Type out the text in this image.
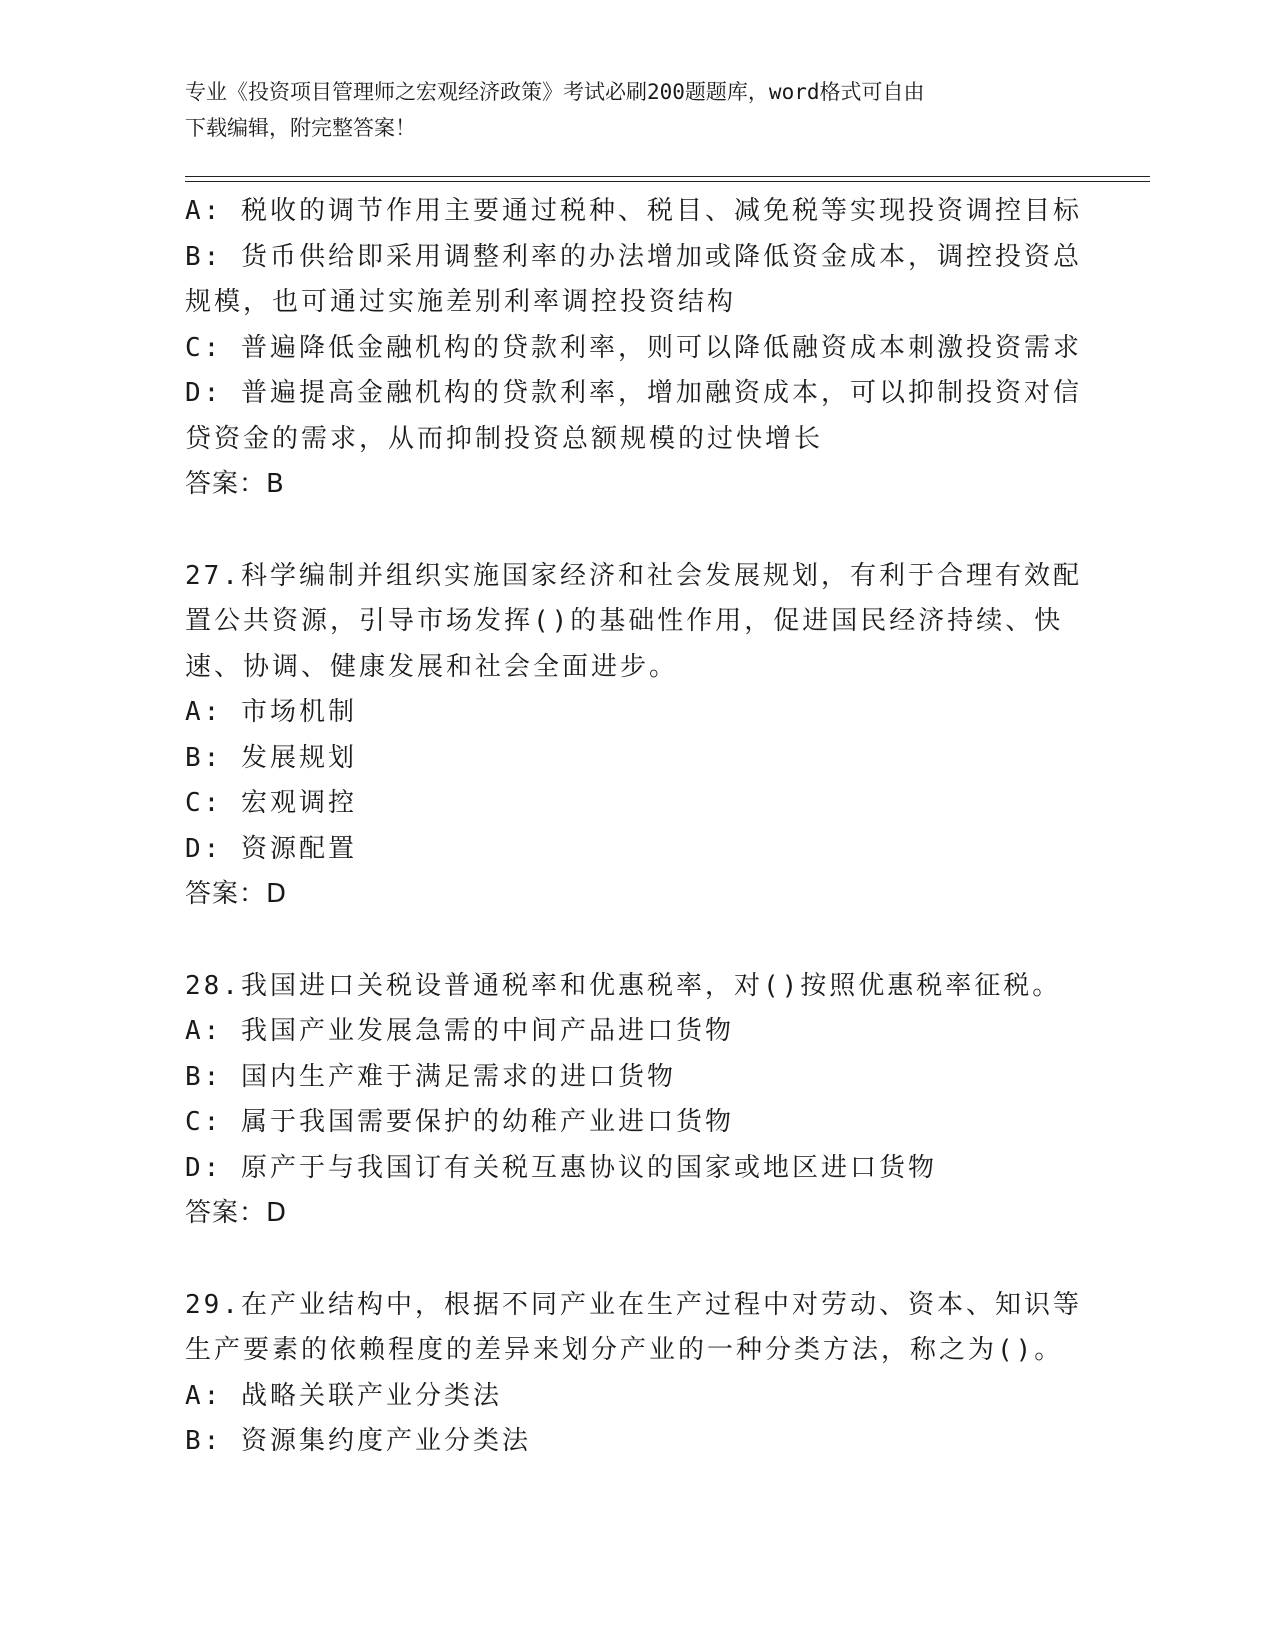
专业《投资项目管理师之宏观经济政策》考试必刷200题题库，word格式可自由
下载编辑，附完整答案！
A: 税收的调节作用主要通过税种、税目、减免税等实现投资调控目标
B: 货币供给即采用调整利率的办法增加或降低资金成本，调控投资总
规模，也可通过实施差别利率调控投资结构
C: 普遍降低金融机构的贷款利率，则可以降低融资成本刺激投资需求
D: 普遍提高金融机构的贷款利率，增加融资成本，可以抑制投资对信
贷资金的需求，从而抑制投资总额规模的过快增长
答案：B
27.科学编制并组织实施国家经济和社会发展规划，有利于合理有效配
置公共资源，引导市场发挥()的基础性作用，促进国民经济持续、快
速、协调、健康发展和社会全面进步。
A: 市场机制
B: 发展规划
C: 宏观调控
D: 资源配置
答案：D
28.我国进口关税设普通税率和优惠税率，对()按照优惠税率征税。
A: 我国产业发展急需的中间产品进口货物
B: 国内生产难于满足需求的进口货物
C: 属于我国需要保护的幼稚产业进口货物
D: 原产于与我国订有关税互惠协议的国家或地区进口货物
答案：D
29.在产业结构中，根据不同产业在生产过程中对劳动、资本、知识等
生产要素的依赖程度的差异来划分产业的一种分类方法，称之为()。
A: 战略关联产业分类法
B: 资源集约度产业分类法
